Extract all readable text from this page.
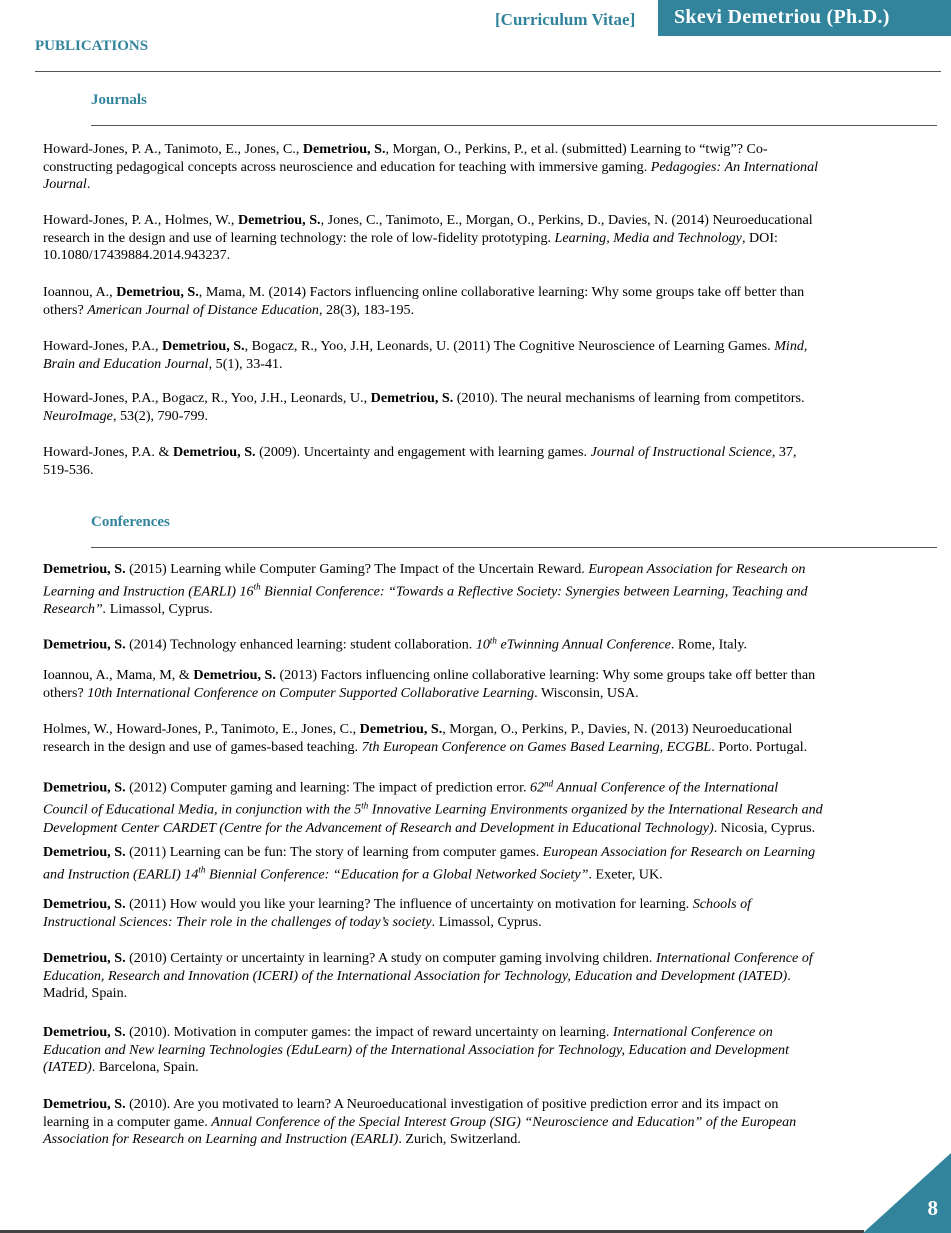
[Curriculum Vitae]	Skevi Demetriou (Ph.D.)
PUBLICATIONS
Journals
Howard-Jones, P. A., Tanimoto, E., Jones, C., Demetriou, S., Morgan, O., Perkins, P., et al. (submitted) Learning to “twig”? Co-
constructing pedagogical concepts across neuroscience and education for teaching with immersive gaming. Pedagogies: An International
Journal.
Howard-Jones, P. A., Holmes, W., Demetriou, S., Jones, C., Tanimoto, E., Morgan, O., Perkins, D., Davies, N. (2014) Neuroeducational
research in the design and use of learning technology: the role of low-fidelity prototyping. Learning, Media and Technology, DOI:
10.1080/17439884.2014.943237.
Ioannou, A., Demetriou, S., Mama, M. (2014) Factors influencing online collaborative learning: Why some groups take off better than
others? American Journal of Distance Education, 28(3), 183-195.
Howard-Jones, P.A., Demetriou, S., Bogacz, R., Yoo, J.H, Leonards, U. (2011) The Cognitive Neuroscience of Learning Games. Mind,
Brain and Education Journal, 5(1), 33-41.
Howard-Jones, P.A., Bogacz, R., Yoo, J.H., Leonards, U., Demetriou, S. (2010). The neural mechanisms of learning from competitors.
NeuroImage, 53(2), 790-799.
Howard-Jones, P.A. & Demetriou, S. (2009). Uncertainty and engagement with learning games. Journal of Instructional Science, 37,
519-536.
Conferences
Demetriou, S. (2015) Learning while Computer Gaming? The Impact of the Uncertain Reward. European Association for Research on
Learning and Instruction (EARLI) 16th Biennial Conference: “Towards a Reflective Society: Synergies between Learning, Teaching and
Research”. Limassol, Cyprus.
Demetriou, S. (2014) Technology enhanced learning: student collaboration. 10th eTwinning Annual Conference. Rome, Italy.
Ioannou, A., Mama, M, & Demetriou, S. (2013) Factors influencing online collaborative learning: Why some groups take off better than
others? 10th International Conference on Computer Supported Collaborative Learning. Wisconsin, USA.
Holmes, W., Howard-Jones, P., Tanimoto, E., Jones, C., Demetriou, S., Morgan, O., Perkins, P., Davies, N. (2013) Neuroeducational
research in the design and use of games-based teaching. 7th European Conference on Games Based Learning, ECGBL. Porto. Portugal.
Demetriou, S. (2012) Computer gaming and learning: The impact of prediction error. 62nd Annual Conference of the International
Council of Educational Media, in conjunction with the 5th Innovative Learning Environments organized by the International Research and
Development Center CARDET (Centre for the Advancement of Research and Development in Educational Technology). Nicosia, Cyprus.
Demetriou, S. (2011) Learning can be fun: The story of learning from computer games. European Association for Research on Learning
and Instruction (EARLI) 14th Biennial Conference: “Education for a Global Networked Society”. Exeter, UK.
Demetriou, S. (2011) How would you like your learning? The influence of uncertainty on motivation for learning. Schools of
Instructional Sciences: Their role in the challenges of today’s society. Limassol, Cyprus.
Demetriou, S. (2010) Certainty or uncertainty in learning? A study on computer gaming involving children. International Conference of
Education, Research and Innovation (ICERI) of the International Association for Technology, Education and Development (IATED).
Madrid, Spain.
Demetriou, S. (2010). Motivation in computer games: the impact of reward uncertainty on learning. International Conference on
Education and New learning Technologies (EduLearn) of the International Association for Technology, Education and Development
(IATED). Barcelona, Spain.
Demetriou, S. (2010). Are you motivated to learn? A Neuroeducational investigation of positive prediction error and its impact on
learning in a computer game. Annual Conference of the Special Interest Group (SIG) “Neuroscience and Education” of the European
Association for Research on Learning and Instruction (EARLI). Zurich, Switzerland.
8
